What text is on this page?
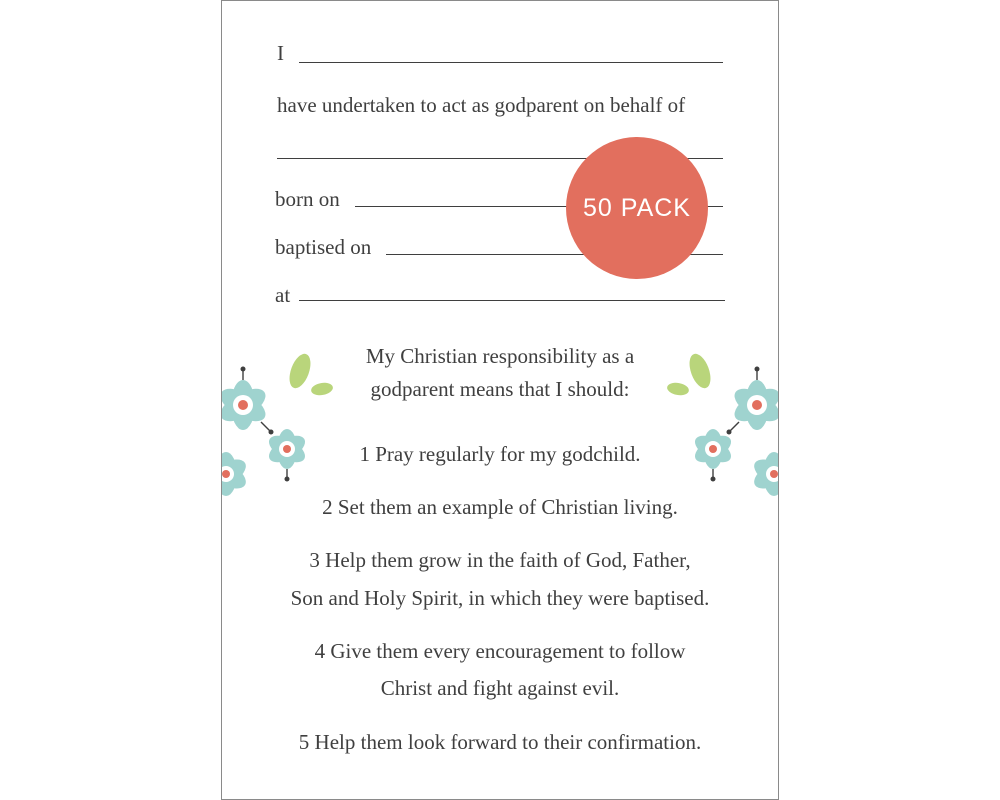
I
have undertaken to act as godparent on behalf of
born on
baptised on
at
50 PACK
My Christian responsibility as a
godparent means that I should:
1 Pray regularly for my godchild.
2 Set them an example of Christian living.
3 Help them grow in the faith of God, Father,
Son and Holy Spirit, in which they were baptised.
4 Give them every encouragement to follow
Christ and fight against evil.
5 Help them look forward to their confirmation.
